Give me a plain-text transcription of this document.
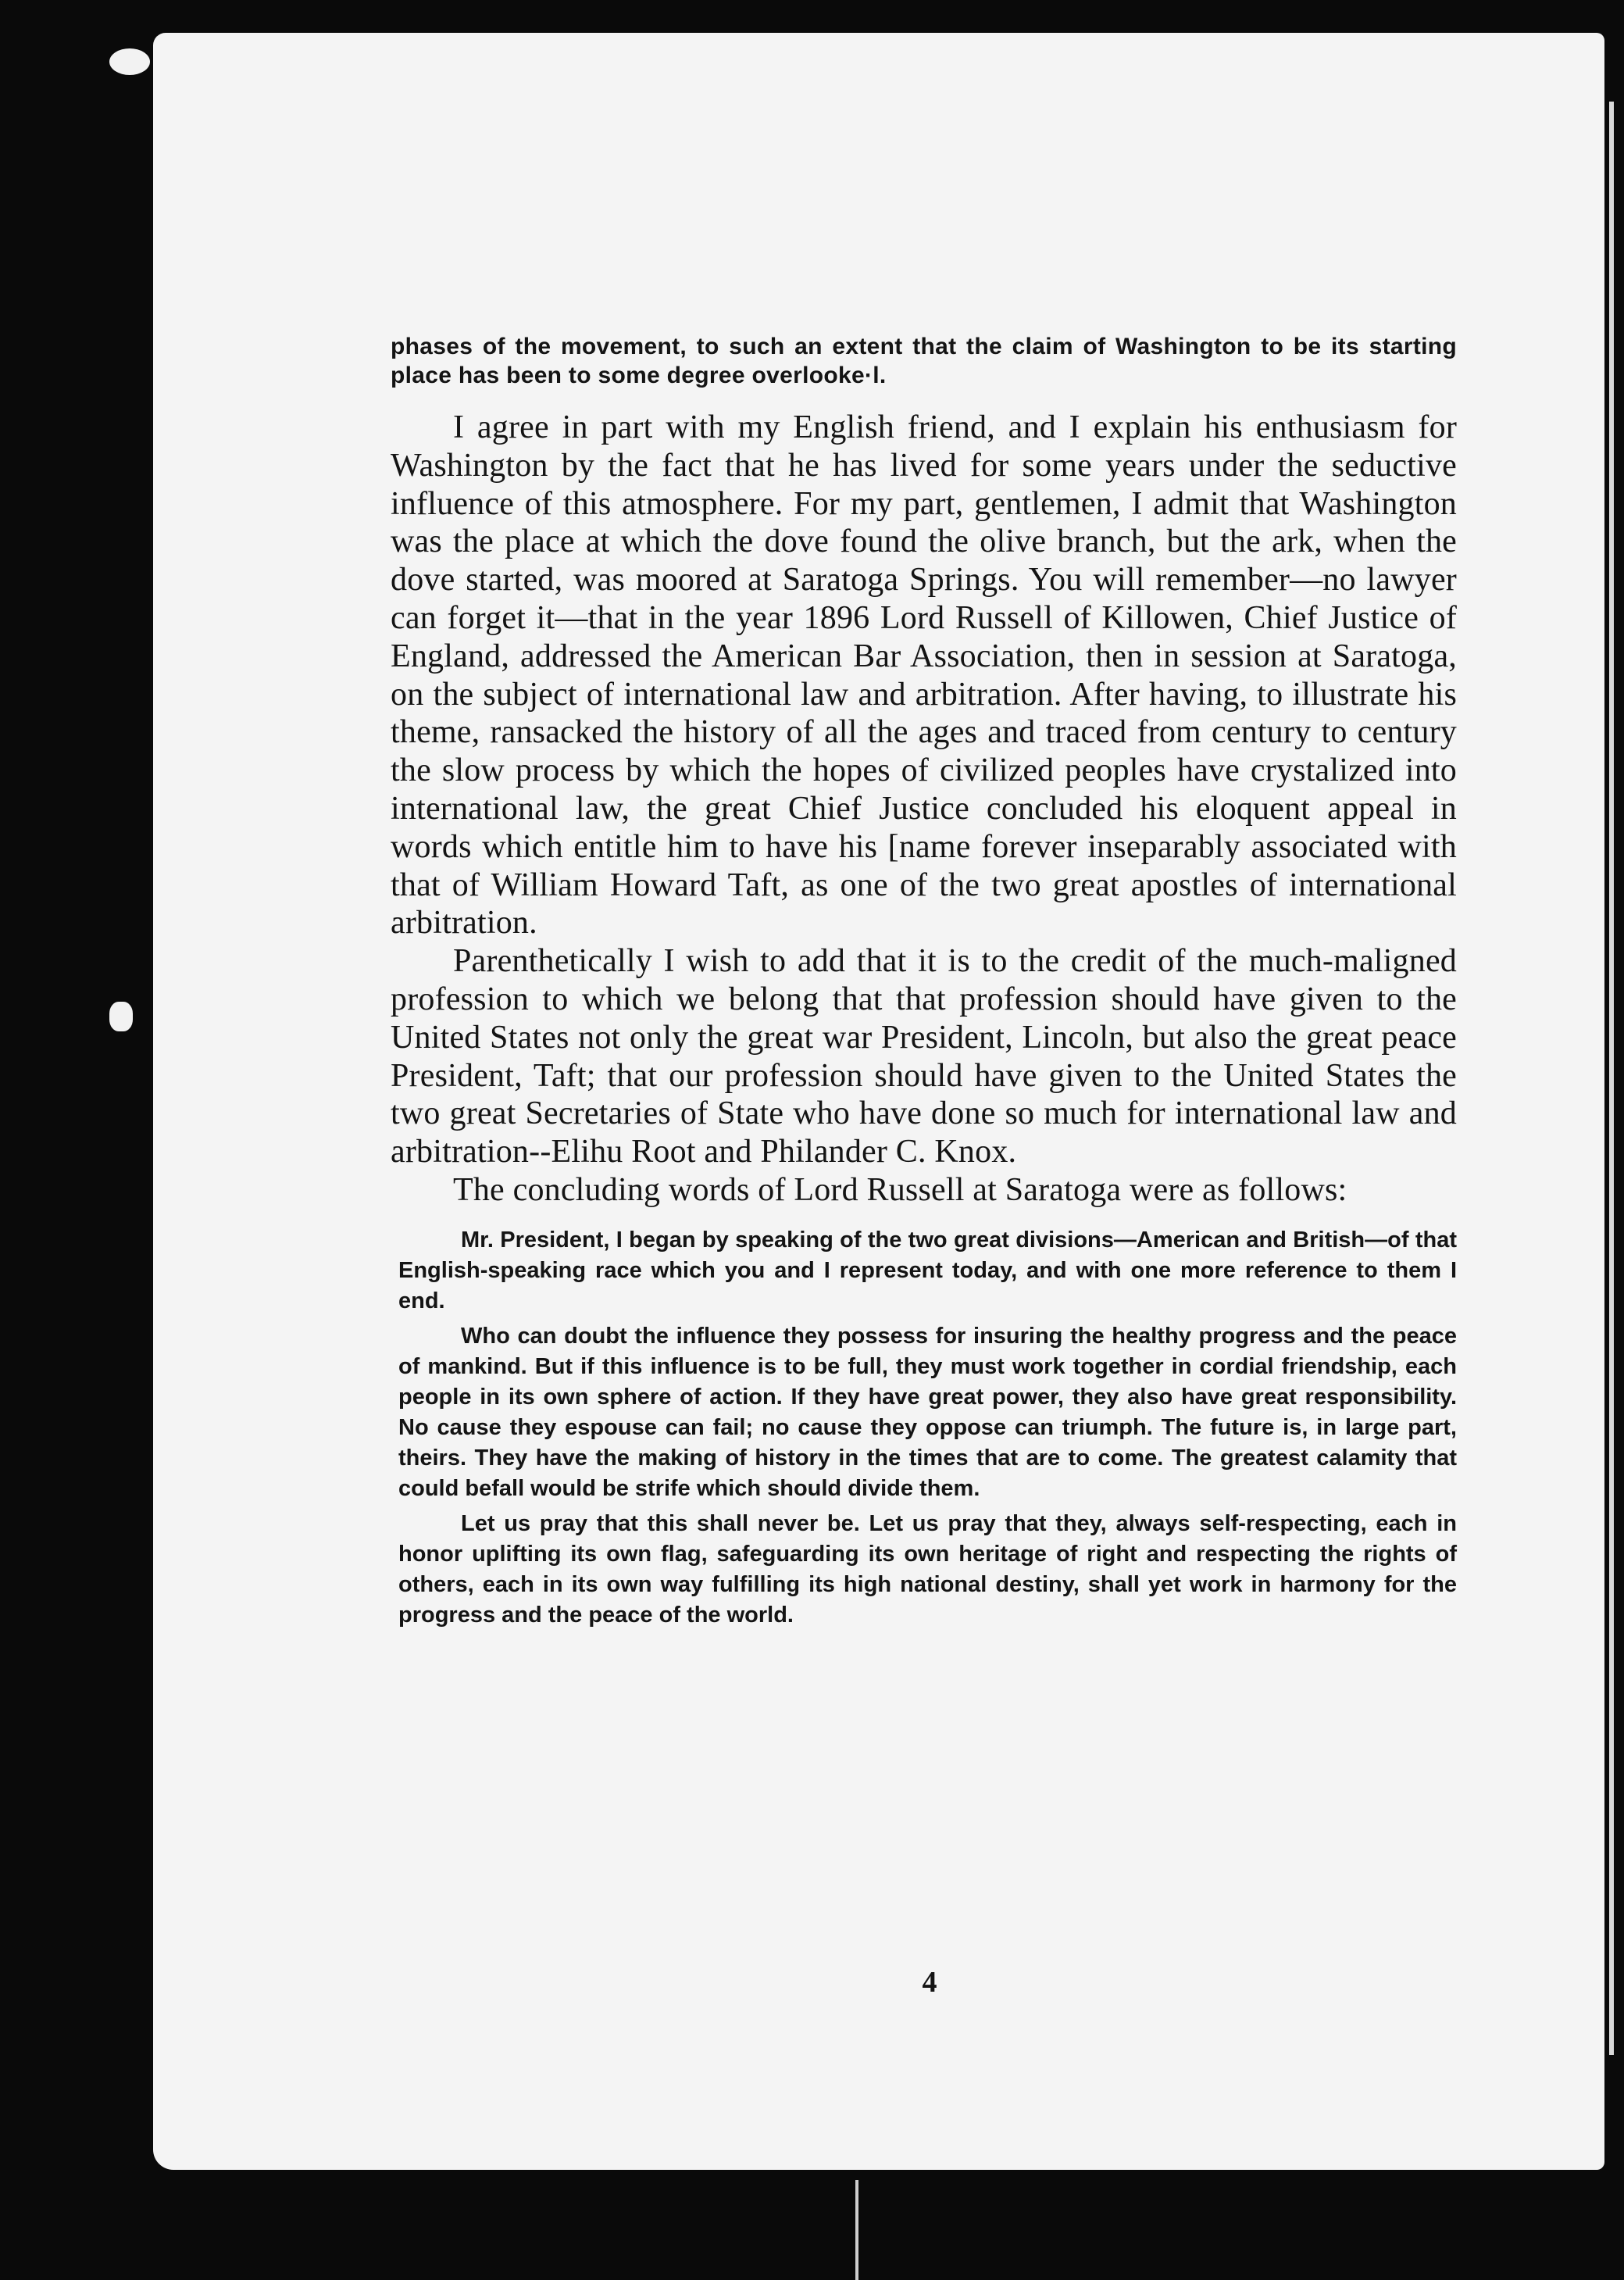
phases of the movement, to such an extent that the claim of Washington to be its starting place has been to some degree overlooke·l.

I agree in part with my English friend, and I explain his enthusiasm for Washington by the fact that he has lived for some years under the seductive influence of this atmosphere. For my part, gentlemen, I admit that Washington was the place at which the dove found the olive branch, but the ark, when the dove started, was moored at Saratoga Springs. You will remember—no lawyer can forget it—that in the year 1896 Lord Russell of Killowen, Chief Justice of England, addressed the American Bar Association, then in session at Saratoga, on the subject of international law and arbitration. After having, to illustrate his theme, ransacked the history of all the ages and traced from century to century the slow process by which the hopes of civilized peoples have crystalized into international law, the great Chief Justice concluded his eloquent appeal in words which entitle him to have his [name forever inseparably associated with that of William Howard Taft, as one of the two great apostles of international arbitration.

Parenthetically I wish to add that it is to the credit of the much-maligned profession to which we belong that that profession should have given to the United States not only the great war President, Lincoln, but also the great peace President, Taft; that our profession should have given to the United States the two great Secretaries of State who have done so much for international law and arbitration--Elihu Root and Philander C. Knox.

The concluding words of Lord Russell at Saratoga were as follows:

Mr. President, I began by speaking of the two great divisions—American and British—of that English-speaking race which you and I represent today, and with one more reference to them I end.

Who can doubt the influence they possess for insuring the healthy progress and the peace of mankind. But if this influence is to be full, they must work together in cordial friendship, each people in its own sphere of action. If they have great power, they also have great responsibility. No cause they espouse can fail; no cause they oppose can triumph. The future is, in large part, theirs. They have the making of history in the times that are to come. The greatest calamity that could befall would be strife which should divide them.

Let us pray that this shall never be. Let us pray that they, always self-respecting, each in honor uplifting its own flag, safeguarding its own heritage of right and respecting the rights of others, each in its own way fulfilling its high national destiny, shall yet work in harmony for the progress and the peace of the world.

4
